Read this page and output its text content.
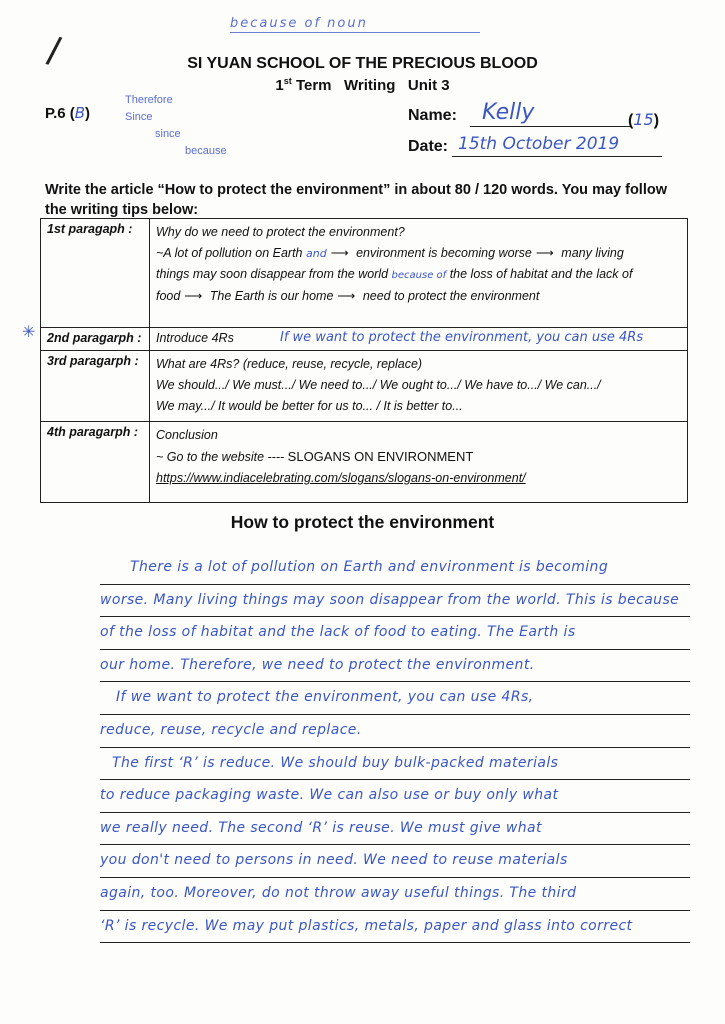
because of noun
/	SI YUAN SCHOOL OF THE PRECIOUS BLOOD
1st Term   Writing   Unit 3
P.6 (B)
Therefore
Since
since
because
Name: Kelly	(15)
Date: 15th October 2019
Write the article “How to protect the environment” in about 80 / 120 words. You may follow the writing tips below:
1st paragaph :	Why do we need to protect the environment?
~A lot of pollution on Earth and ⟶ environment is becoming worse ⟶ many living
things may soon disappear from the world because of the loss of habitat and the lack of
food ⟶ The Earth is our home ⟶ need to protect the environment

2nd paragarph :	Introduce 4Rs
3rd paragarph :	What are 4Rs? (reduce, reuse, recycle, replace)
We should.../ We must.../ We need to.../ We ought to.../ We have to.../ We can.../
We may.../ It would be better for us to... / It is better to...

4th paragarph :	Conclusion
~ Go to the website ---- SLOGANS ON ENVIRONMENT
https://www.indiacelebrating.com/slogans/slogans-on-environment/
If we want to protect the environment, you can use 4Rs
✳
How to protect the environment
There is a lot of pollution on Earth and environment is becoming
worse. Many living things may soon disappear from the world. This is because
of the loss of habitat and the lack of food to eating. The Earth is
our home. Therefore, we need to protect the environment.
If we want to protect the environment, you can use 4Rs,
reduce, reuse, recycle and replace.
The first ‘R’ is reduce. We should buy bulk-packed materials
to reduce packaging waste. We can also use or buy only what
we really need. The second ‘R’ is reuse. We must give what
you don't need to persons in need. We need to reuse materials
again, too. Moreover, do not throw away useful things. The third
‘R’ is recycle. We may put plastics, metals, paper and glass into correct
